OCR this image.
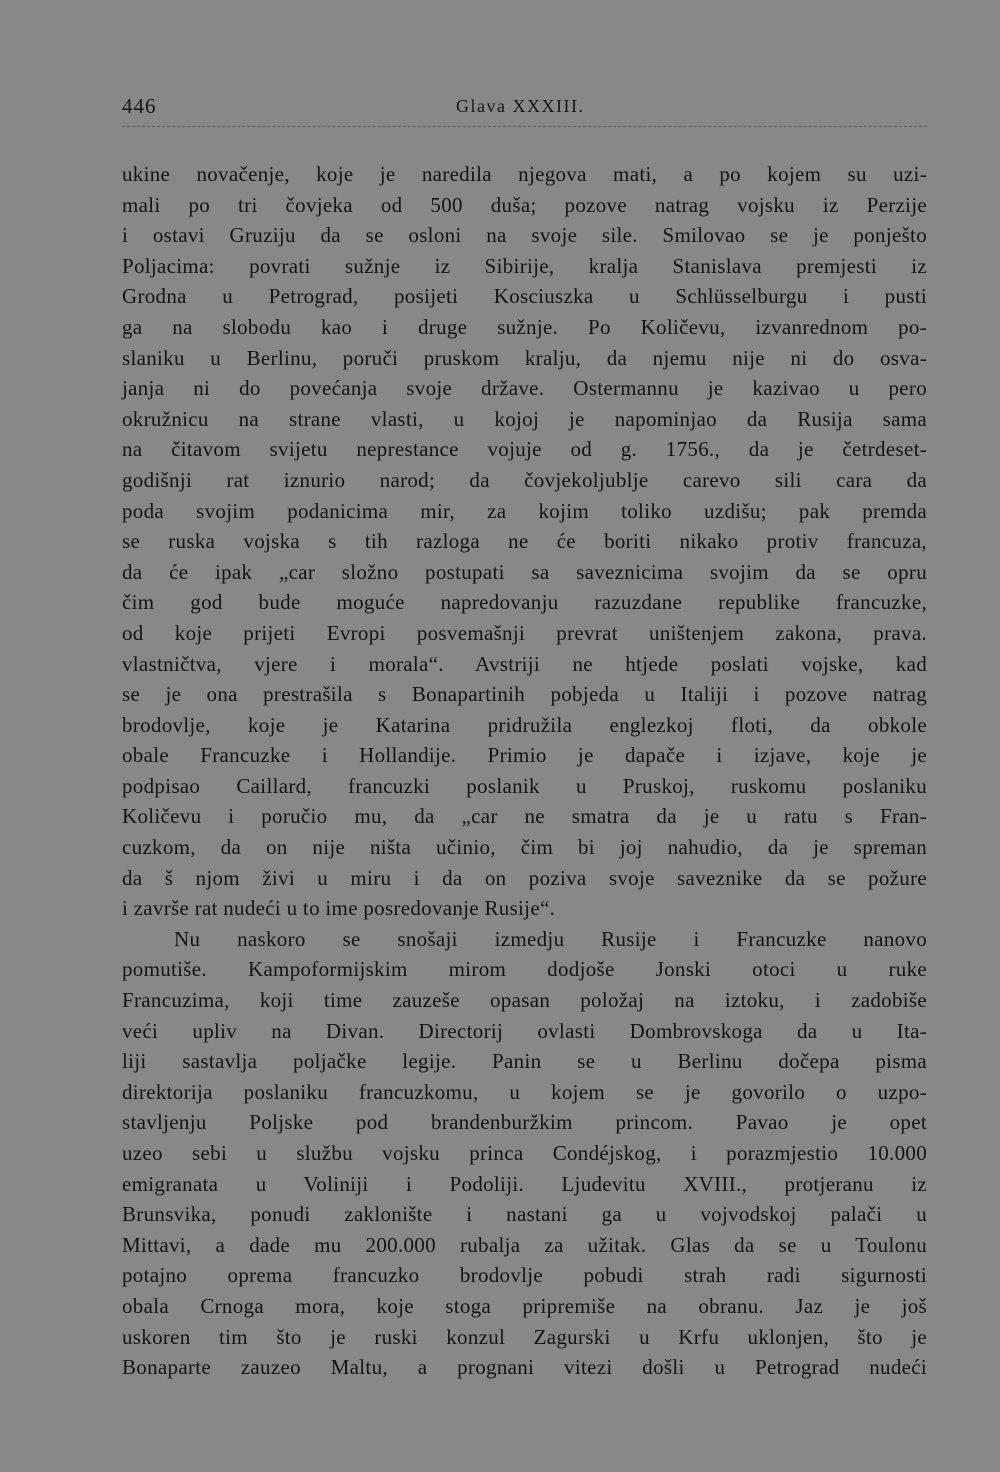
446	Glava XXXIII.
ukine novačenje, koje je naredila njegova mati, a po kojem su uzi-
mali po tri čovjeka od 500 duša; pozove natrag vojsku iz Perzije
i ostavi Gruziju da se osloni na svoje sile. Smilovao se je ponješto
Poljacima: povrati sužnje iz Sibirije, kralja Stanislava premjesti iz
Grodna u Petrograd, posijeti Kosciuszka u Schlüsselburgu i pusti
ga na slobodu kao i druge sužnje. Po Količevu, izvanrednom po-
slaniku u Berlinu, poruči pruskom kralju, da njemu nije ni do osva-
janja ni do povećanja svoje države. Ostermannu je kazivao u pero
okružnicu na strane vlasti, u kojoj je napominjao da Rusija sama
na čitavom svijetu neprestance vojuje od g. 1756., da je četrdeset-
godišnji rat iznurio narod; da čovjekoljublje carevo sili cara da
poda svojim podanicima mir, za kojim toliko uzdišu; pak premda
se ruska vojska s tih razloga ne će boriti nikako protiv francuza,
da će ipak „car složno postupati sa saveznicima svojim da se opru
čim god bude moguće napredovanju razuzdane republike francuzke,
od koje prijeti Evropi posvemašnji prevrat uništenjem zakona, prava.
vlastničtva, vjere i morala“. Avstriji ne htjede poslati vojske, kad
se je ona prestrašila s Bonapartinih pobjeda u Italiji i pozove natrag
brodovlje, koje je Katarina pridružila englezkoj floti, da obkole
obale Francuzke i Hollandije. Primio je dapače i izjave, koje je
podpisao Caillard, francuzki poslanik u Pruskoj, ruskomu poslaniku
Količevu i poručio mu, da „car ne smatra da je u ratu s Fran-
cuzkom, da on nije ništa učinio, čim bi joj nahudio, da je spreman
da š njom živi u miru i da on poziva svoje saveznike da se požure
i završe rat nudeći u to ime posredovanje Rusije“.
Nu naskoro se snošaji izmedju Rusije i Francuzke nanovo
pomutiše. Kampoformijskim mirom dodjoše Jonski otoci u ruke
Francuzima, koji time zauzeše opasan položaj na iztoku, i zadobiše
veći upliv na Divan. Directorij ovlasti Dombrovskoga da u Ita-
liji sastavlja poljačke legije. Panin se u Berlinu dočepa pisma
direktorija poslaniku francuzkomu, u kojem se je govorilo o uzpo-
stavljenju Poljske pod brandenburžkim princom. Pavao je opet
uzeo sebi u službu vojsku princa Condéjskog, i porazmjestio 10.000
emigranata u Voliniji i Podoliji. Ljudevitu XVIII., protjeranu iz
Brunsvika, ponudi zaklonište i nastani ga u vojvodskoj palači u
Mittavi, a dade mu 200.000 rubalja za užitak. Glas da se u Toulonu
potajno oprema francuzko brodovlje pobudi strah radi sigurnosti
obala Crnoga mora, koje stoga pripremiše na obranu. Jaz je još
uskoren tim što je ruski konzul Zagurski u Krfu uklonjen, što je
Bonaparte zauzeo Maltu, a prognani vitezi došli u Petrograd nudeći
